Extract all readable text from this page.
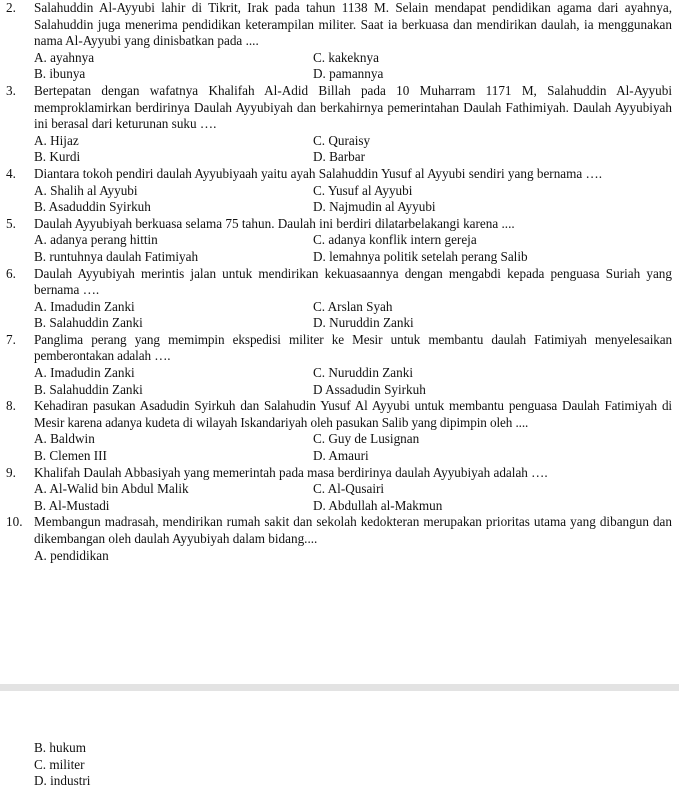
2.	Salahuddin Al-Ayyubi lahir di Tikrit, Irak pada tahun 1138 M. Selain mendapat pendidikan agama dari ayahnya, Salahuddin juga menerima pendidikan keterampilan militer. Saat ia berkuasa dan mendirikan daulah, ia menggunakan nama Al-Ayyubi yang dinisbatkan pada ....
A. ayahnya	C. kakeknya
B. ibunya	D. pamannya
3.	Bertepatan dengan wafatnya Khalifah Al-Adid Billah pada 10 Muharram 1171 M, Salahuddin Al-Ayyubi memproklamirkan berdirinya Daulah Ayyubiyah dan berkahirnya pemerintahan Daulah Fathimiyah. Daulah Ayyubiyah ini berasal dari keturunan suku ….
A. Hijaz	C. Quraisy
B. Kurdi	D. Barbar
4.	Diantara tokoh pendiri daulah Ayyubiyaah yaitu ayah Salahuddin Yusuf al Ayyubi sendiri yang bernama ….
A. Shalih al Ayyubi	C. Yusuf al Ayyubi
B. Asaduddin Syirkuh	D. Najmudin al Ayyubi
5.	Daulah Ayyubiyah berkuasa selama 75 tahun. Daulah ini berdiri dilatarbelakangi karena ....
A. adanya perang hittin	C. adanya konflik intern gereja
B. runtuhnya daulah Fatimiyah	D. lemahnya politik setelah perang Salib
6.	Daulah Ayyubiyah merintis jalan untuk mendirikan kekuasaannya dengan mengabdi kepada penguasa Suriah yang bernama ….
A. Imadudin Zanki	C. Arslan Syah
B. Salahuddin Zanki	D. Nuruddin Zanki
7.	Panglima perang yang memimpin ekspedisi militer ke Mesir untuk membantu daulah Fatimiyah menyelesaikan pemberontakan adalah ….
A. Imadudin Zanki	C. Nuruddin Zanki
B. Salahuddin Zanki	D Assadudin Syirkuh
8.	Kehadiran pasukan Asadudin Syirkuh dan Salahudin Yusuf Al Ayyubi untuk membantu penguasa Daulah Fatimiyah di Mesir karena adanya kudeta di wilayah Iskandariyah oleh pasukan Salib yang dipimpin oleh ....
A. Baldwin	C. Guy de Lusignan
B. Clemen III	D. Amauri
9.	Khalifah Daulah Abbasiyah yang memerintah pada masa berdirinya daulah Ayyubiyah adalah ….
A. Al-Walid bin Abdul Malik	C. Al-Qusairi
B. Al-Mustadi	D. Abdullah al-Makmun
10. Membangun madrasah, mendirikan rumah sakit dan sekolah kedokteran merupakan prioritas utama yang dibangun dan dikembangan oleh daulah Ayyubiyah dalam bidang....
A. pendidikan
B. hukum
C. militer
D. industri
